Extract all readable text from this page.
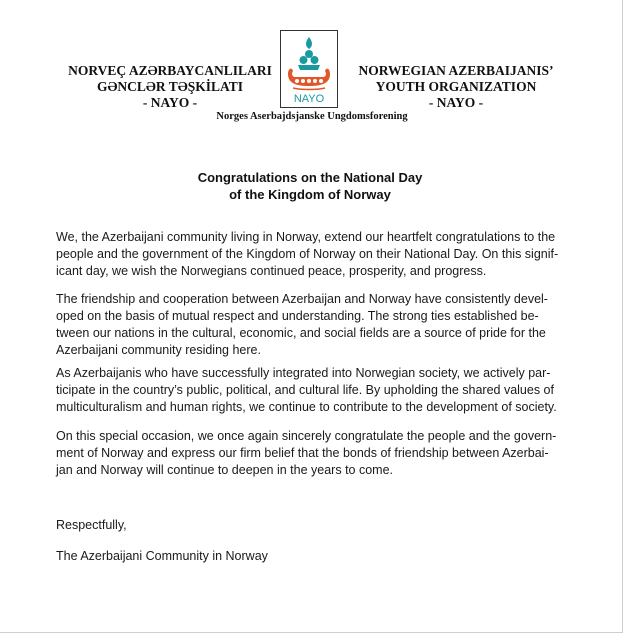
NORVEÇ AZƏRBAYCANLILARI
GƏNCLƏR TƏŞKİLATI
- NAYO -	NAYO
NORWEGIAN AZERBAIJANIS’
YOUTH ORGANIZATION
- NAYO -
Norges Aserbajdsjanske Ungdomsforening
Congratulations on the National Day
of the Kingdom of Norway
We, the Azerbaijani community living in Norway, extend our heartfelt congratulations to the
people and the government of the Kingdom of Norway on their National Day. On this signif-
icant day, we wish the Norwegians continued peace, prosperity, and progress.
The friendship and cooperation between Azerbaijan and Norway have consistently devel-
oped on the basis of mutual respect and understanding. The strong ties established be-
tween our nations in the cultural, economic, and social fields are a source of pride for the
Azerbaijani community residing here.
As Azerbaijanis who have successfully integrated into Norwegian society, we actively par-
ticipate in the country’s public, political, and cultural life. By upholding the shared values of
multiculturalism and human rights, we continue to contribute to the development of society.
On this special occasion, we once again sincerely congratulate the people and the govern-
ment of Norway and express our firm belief that the bonds of friendship between Azerbai-
jan and Norway will continue to deepen in the years to come.
Respectfully,
The Azerbaijani Community in Norway
